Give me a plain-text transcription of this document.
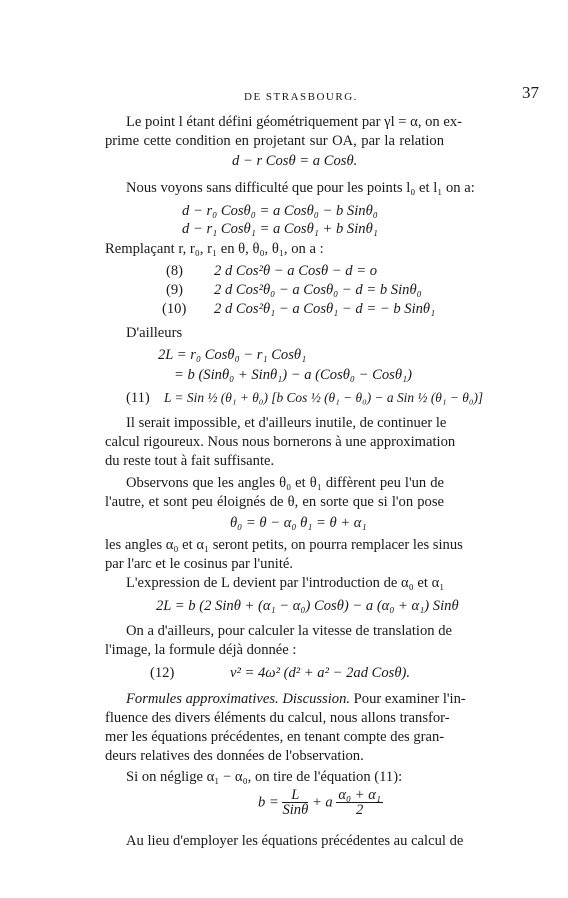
DE STRASBOURG.	37
Le point l étant défini géométriquement par γl = α, on ex-
prime cette condition en projetant sur OA, par la relation
d − r Cosθ = a Cosθ.
Nous voyons sans difficulté que pour les points l₀ et l₁ on a:
d − r₀ Cosθ₀ = a Cosθ₀ − b Sinθ₀
d − r₁ Cosθ₁ = a Cosθ₁ + b Sinθ₁
Remplaçant r, r₀, r₁ en θ, θ₀, θ₁, on a :
(8) 2 d Cos²θ − a Cosθ − d = o
(9) 2 d Cos²θ₀ − a Cosθ₀ − d = b Sinθ₀
(10) 2 d Cos²θ₁ − a Cosθ₁ − d = − b Sinθ₁
D'ailleurs
2L = r₀ Cosθ₀ − r₁ Cosθ₁
= b (Sinθ₀ + Sinθ₁) − a (Cosθ₀ − Cosθ₁)
(11) L = Sin ½ (θ₁ + θ₀) [b Cos ½ (θ₁ − θ₀) − a Sin ½ (θ₁ − θ₀)]
Il serait impossible, et d'ailleurs inutile, de continuer le
calcul rigoureux. Nous nous bornerons à une approximation
du reste tout à fait suffisante.
Observons que les angles θ₀ et θ₁ diffèrent peu l'un de
l'autre, et sont peu éloignés de θ, en sorte que si l'on pose
θ₀ = θ − α₀ θ₁ = θ + α₁
les angles α₀ et α₁ seront petits, on pourra remplacer les sinus
par l'arc et le cosinus par l'unité.
L'expression de L devient par l'introduction de α₀ et α₁
2L = b (2 Sinθ + (α₁ − α₀) Cosθ) − a (α₀ + α₁) Sinθ
On a d'ailleurs, pour calculer la vitesse de translation de
l'image, la formule déjà donnée :
(12)	v² = 4ω² (d² + a² − 2ad Cosθ).
Formules approximatives. Discussion. Pour examiner l'in-
fluence des divers éléments du calcul, nous allons transfor-
mer les équations précédentes, en tenant compte des gran-
deurs relatives des données de l'observation.
Si on néglige α₁ − α₀, on tire de l'équation (11):
$b = \frac{L}{\text{Sinθ}} + a \frac{\text{α₀ + α₁}}{2}$
Au lieu d'employer les équations précédentes au calcul de
